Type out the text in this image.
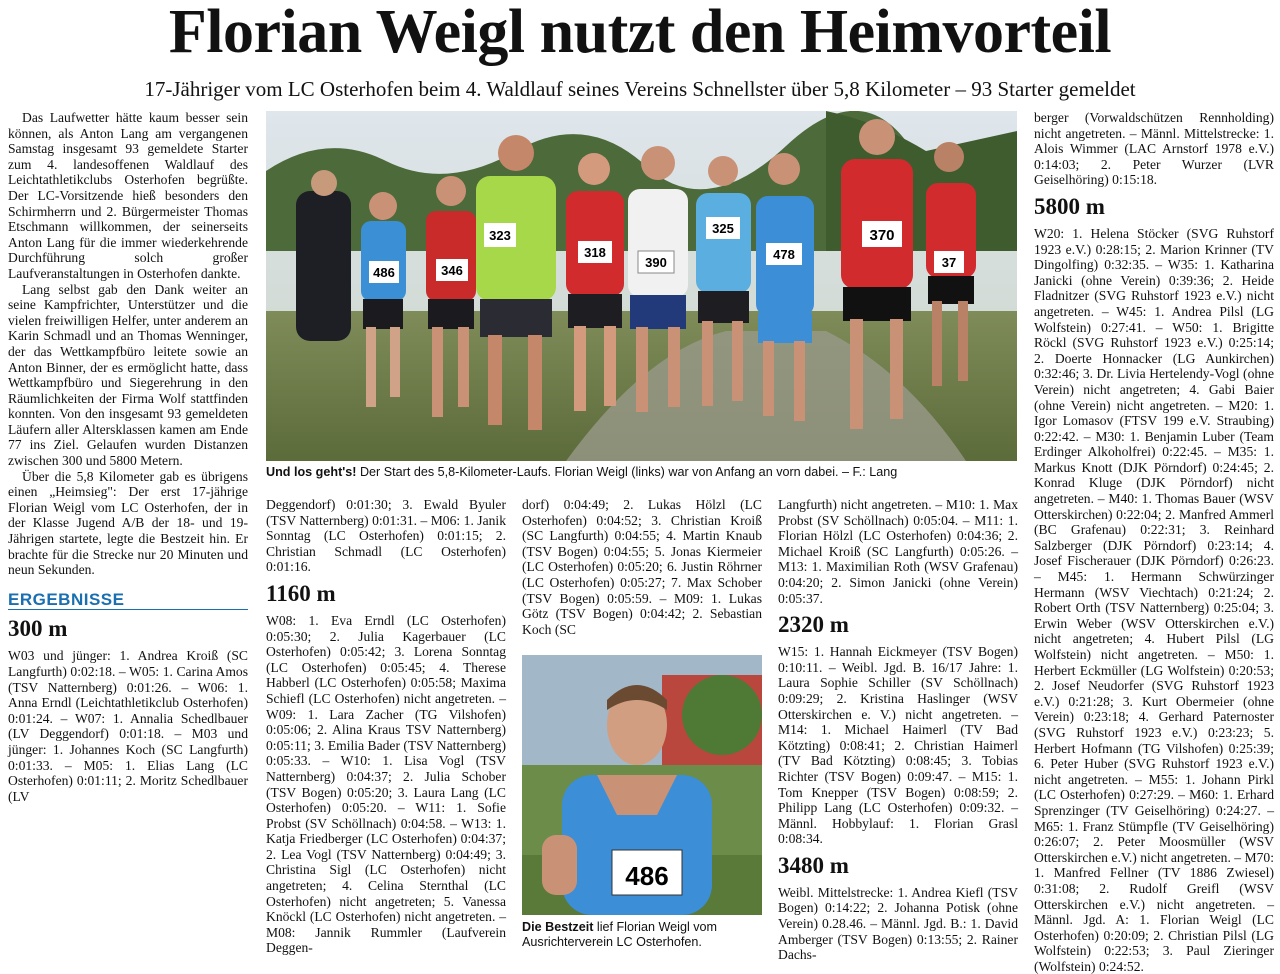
Florian Weigl nutzt den Heimvorteil
17-Jähriger vom LC Osterhofen beim 4. Waldlauf seines Vereins Schnellster über 5,8 Kilometer – 93 Starter gemeldet

Das Laufwetter hätte kaum besser sein können, als Anton Lang am vergangenen Samstag insgesamt 93 gemeldete Starter zum 4. landesoffenen Waldlauf des Leichtathletikclubs Osterhofen begrüßte. Der LC-Vorsitzende hieß besonders den Schirmherrn und 2. Bürgermeister Thomas Etschmann willkommen, der seinerseits Anton Lang für die immer wiederkehrende Durchführung solch großer Laufveranstaltungen in Osterhofen dankte.

Lang selbst gab den Dank weiter an seine Kampfrichter, Unterstützer und die vielen freiwilligen Helfer, unter anderem an Karin Schmadl und an Thomas Wenninger, der das Wettkampfbüro leitete sowie an Anton Binner, der es ermöglicht hatte, dass Wettkampfbüro und Siegerehrung in den Räumlichkeiten der Firma Wolf stattfinden konnten. Von den insgesamt 93 gemeldeten Läufern aller Altersklassen kamen am Ende 77 ins Ziel. Gelaufen wurden Distanzen zwischen 300 und 5800 Metern.

Über die 5,8 Kilometer gab es übrigens einen „Heimsieg": Der erst 17-jährige Florian Weigl vom LC Osterhofen, der in der Klasse Jugend A/B der 18- und 19-Jährigen startete, legte die Bestzeit hin. Er brachte für die Strecke nur 20 Minuten und neun Sekunden.

ERGEBNISSE
300 m

W03 und jünger: 1. Andrea Kroiß (SC Langfurth) 0:02:18. – W05: 1. Carina Amos (TSV Natternberg) 0:01:26. – W06: 1. Anna Erndl (Leichtathletikclub Osterhofen) 0:01:24. – W07: 1. Annalia Schedlbauer (LV Deggendorf) 0:01:18. – M03 und jünger: 1. Johannes Koch (SC Langfurth) 0:01:33. – M05: 1. Elias Lang (LC Osterhofen) 0:01:11; 2. Moritz Schedlbauer (LV

486	346
323
318
390
325
478
370
37
Und los geht's! Der Start des 5,8-Kilometer-Laufs. Florian Weigl (links) war von Anfang an vorn dabei. – F.: Lang

Deggendorf) 0:01:30; 3. Ewald Byuler (TSV Natternberg) 0:01:31. – M06: 1. Janik Sonntag (LC Osterhofen) 0:01:15; 2. Christian Schmadl (LC Osterhofen) 0:01:16.

1160 m

W08: 1. Eva Erndl (LC Osterhofen) 0:05:30; 2. Julia Kagerbauer (LC Osterhofen) 0:05:42; 3. Lorena Sonntag (LC Osterhofen) 0:05:45; 4. Therese Habberl (LC Osterhofen) 0:05:58; Maxima Schiefl (LC Osterhofen) nicht angetreten. – W09: 1. Lara Zacher (TG Vilshofen) 0:05:06; 2. Alina Kraus TSV Natternberg) 0:05:11; 3. Emilia Bader (TSV Natternberg) 0:05:33. – W10: 1. Lisa Vogl (TSV Natternberg) 0:04:37; 2. Julia Schober (TSV Bogen) 0:05:20; 3. Laura Lang (LC Osterhofen) 0:05:20. – W11: 1. Sofie Probst (SV Schöllnach) 0:04:58. – W13: 1. Katja Friedberger (LC Osterhofen) 0:04:37; 2. Lea Vogl (TSV Natternberg) 0:04:49; 3. Christina Sigl (LC Osterhofen) nicht angetreten; 4. Celina Sternthal (LC Osterhofen) nicht angetreten; 5. Vanessa Knöckl (LC Osterhofen) nicht angetreten. – M08: Jannik Rummler (Laufverein Deggen-

dorf) 0:04:49; 2. Lukas Hölzl (LC Osterhofen) 0:04:52; 3. Christian Kroiß (SC Langfurth) 0:04:55; 4. Martin Knaub (TSV Bogen) 0:04:55; 5. Jonas Kiermeier (LC Osterhofen) 0:05:20; 6. Justin Röhrner (LC Osterhofen) 0:05:27; 7. Max Schober (TSV Bogen) 0:05:59. – M09: 1. Lukas Götz (TSV Bogen) 0:04:42; 2. Sebastian Koch (SC

486
Die Bestzeit lief Florian Weigl vom Ausrichterverein LC Osterhofen.

Langfurth) nicht angetreten. – M10: 1. Max Probst (SV Schöllnach) 0:05:04. – M11: 1. Florian Hölzl (LC Osterhofen) 0:04:36; 2. Michael Kroiß (SC Langfurth) 0:05:26. – M13: 1. Maximilian Roth (WSV Grafenau) 0:04:20; 2. Simon Janicki (ohne Verein) 0:05:37.

2320 m

W15: 1. Hannah Eickmeyer (TSV Bogen) 0:10:11. – Weibl. Jgd. B. 16/17 Jahre: 1. Laura Sophie Schiller (SV Schöllnach) 0:09:29; 2. Kristina Haslinger (WSV Otterskirchen e. V.) nicht angetreten. – M14: 1. Michael Haimerl (TV Bad Kötzting) 0:08:41; 2. Christian Haimerl (TV Bad Kötzting) 0:08:45; 3. Tobias Richter (TSV Bogen) 0:09:47. – M15: 1. Tom Knepper (TSV Bogen) 0:08:59; 2. Philipp Lang (LC Osterhofen) 0:09:32. – Männl. Hobbylauf: 1. Florian Grasl 0:08:34.

3480 m

Weibl. Mittelstrecke: 1. Andrea Kiefl (TSV Bogen) 0:14:22; 2. Johanna Potisk (ohne Verein) 0.28.46. – Männl. Jgd. B.: 1. David Amberger (TSV Bogen) 0:13:55; 2. Rainer Dachs-

berger (Vorwaldschützen Rennholding) nicht angetreten. – Männl. Mittelstrecke: 1. Alois Wimmer (LAC Arnstorf 1978 e.V.) 0:14:03; 2. Peter Wurzer (LVR Geiselhöring) 0:15:18.

5800 m

W20: 1. Helena Stöcker (SVG Ruhstorf 1923 e.V.) 0:28:15; 2. Marion Krinner (TV Dingolfing) 0:32:35. – W35: 1. Katharina Janicki (ohne Verein) 0:39:36; 2. Heide Fladnitzer (SVG Ruhstorf 1923 e.V.) nicht angetreten. – W45: 1. Andrea Pilsl (LG Wolfstein) 0:27:41. – W50: 1. Brigitte Röckl (SVG Ruhstorf 1923 e.V.) 0:25:14; 2. Doerte Honnacker (LG Aunkirchen) 0:32:46; 3. Dr. Livia Hertelendy-Vogl (ohne Verein) nicht angetreten; 4. Gabi Baier (ohne Verein) nicht angetreten. – M20: 1. Igor Lomasov (FTSV 199 e.V. Straubing) 0:22:42. – M30: 1. Benjamin Luber (Team Erdinger Alkoholfrei) 0:22:45. – M35: 1. Markus Knott (DJK Pörndorf) 0:24:45; 2. Konrad Kluge (DJK Pörndorf) nicht angetreten. – M40: 1. Thomas Bauer (WSV Otterskirchen) 0:22:04; 2. Manfred Ammerl (BC Grafenau) 0:22:31; 3. Reinhard Salzberger (DJK Pörndorf) 0:23:14; 4. Josef Fischerauer (DJK Pörndorf) 0:26:23. – M45: 1. Hermann Schwürzinger Hermann (WSV Viechtach) 0:21:24; 2. Robert Orth (TSV Natternberg) 0:25:04; 3. Erwin Weber (WSV Otterskirchen e.V.) nicht angetreten; 4. Hubert Pilsl (LG Wolfstein) nicht angetreten. – M50: 1. Herbert Eckmüller (LG Wolfstein) 0:20:53; 2. Josef Neudorfer (SVG Ruhstorf 1923 e.V.) 0:21:28; 3. Kurt Obermeier (ohne Verein) 0:23:18; 4. Gerhard Paternoster (SVG Ruhstorf 1923 e.V.) 0:23:23; 5. Herbert Hofmann (TG Vilshofen) 0:25:39; 6. Peter Huber (SVG Ruhstorf 1923 e.V.) nicht angetreten. – M55: 1. Johann Pirkl (LC Osterhofen) 0:27:29. – M60: 1. Erhard Sprenzinger (TV Geiselhöring) 0:24:27. – M65: 1. Franz Stümpfle (TV Geiselhöring) 0:26:07; 2. Peter Moosmüller (WSV Otterskirchen e.V.) nicht angetreten. – M70: 1. Manfred Fellner (TV 1886 Zwiesel) 0:31:08; 2. Rudolf Greifl (WSV Otterskirchen e.V.) nicht angetreten. – Männl. Jgd. A: 1. Florian Weigl (LC Osterhofen) 0:20:09; 2. Christian Pilsl (LG Wolfstein) 0:22:53; 3. Paul Zieringer (Wolfstein) 0:24:52.
